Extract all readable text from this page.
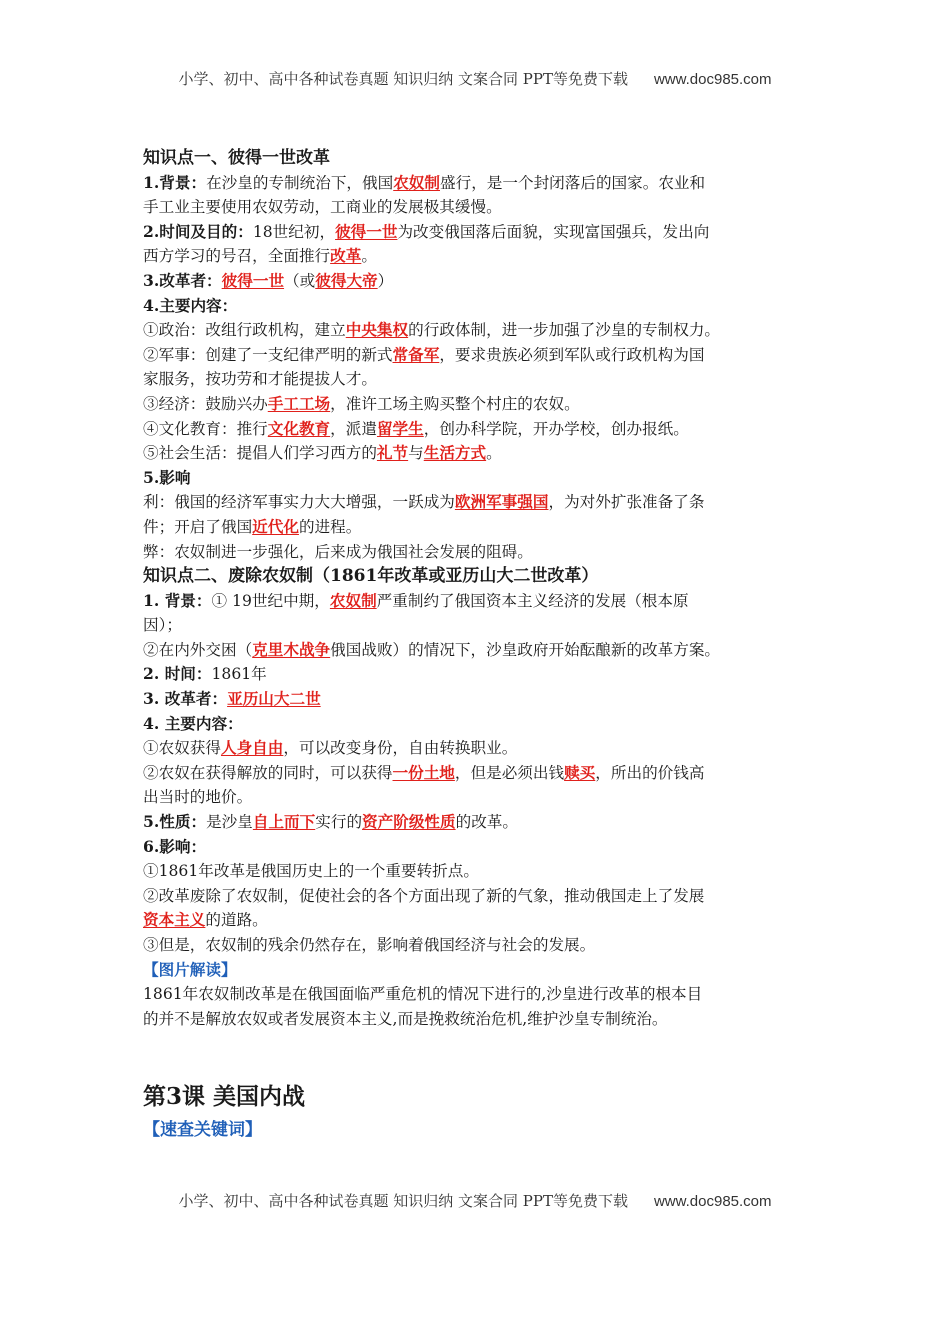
小学、初中、高中各种试卷真题 知识归纳 文案合同 PPT等免费下载 www.doc985.com

知识点一、彼得一世改革

1.背景：在沙皇的专制统治下，俄国农奴制盛行，是一个封闭落后的国家。农业和

手工业主要使用农奴劳动，工商业的发展极其缓慢。

2.时间及目的：18世纪初，彼得一世为改变俄国落后面貌，实现富国强兵，发出向

西方学习的号召，全面推行改革。

3.改革者：彼得一世（或彼得大帝）

4.主要内容：

①政治：改组行政机构，建立中央集权的行政体制，进一步加强了沙皇的专制权力。

②军事：创建了一支纪律严明的新式常备军，要求贵族必须到军队或行政机构为国

家服务，按功劳和才能提拔人才。

③经济：鼓励兴办手工工场，准许工场主购买整个村庄的农奴。

④文化教育：推行文化教育，派遣留学生，创办科学院，开办学校，创办报纸。

⑤社会生活：提倡人们学习西方的礼节与生活方式。

5.影响

利：俄国的经济军事实力大大增强，一跃成为欧洲军事强国，为对外扩张准备了条

件；开启了俄国近代化的进程。

弊：农奴制进一步强化，后来成为俄国社会发展的阻碍。

知识点二、废除农奴制（1861年改革或亚历山大二世改革）

1. 背景：① 19世纪中期，农奴制严重制约了俄国资本主义经济的发展（根本原

因）；

②在内外交困（克里木战争俄国战败）的情况下，沙皇政府开始酝酿新的改革方案。

2. 时间：1861年

3. 改革者：亚历山大二世

4. 主要内容：

①农奴获得人身自由，可以改变身份，自由转换职业。

②农奴在获得解放的同时，可以获得一份土地，但是必须出钱赎买，所出的价钱高

出当时的地价。

5.性质：是沙皇自上而下实行的资产阶级性质的改革。

6.影响：

①1861年改革是俄国历史上的一个重要转折点。

②改革废除了农奴制，促使社会的各个方面出现了新的气象，推动俄国走上了发展

资本主义的道路。

③但是，农奴制的残余仍然存在，影响着俄国经济与社会的发展。

【图片解读】

1861年农奴制改革是在俄国面临严重危机的情况下进行的,沙皇进行改革的根本目

的并不是解放农奴或者发展资本主义,而是挽救统治危机,维护沙皇专制统治。

第3课 美国内战

【速查关键词】

小学、初中、高中各种试卷真题 知识归纳 文案合同 PPT等免费下载 www.doc985.com
